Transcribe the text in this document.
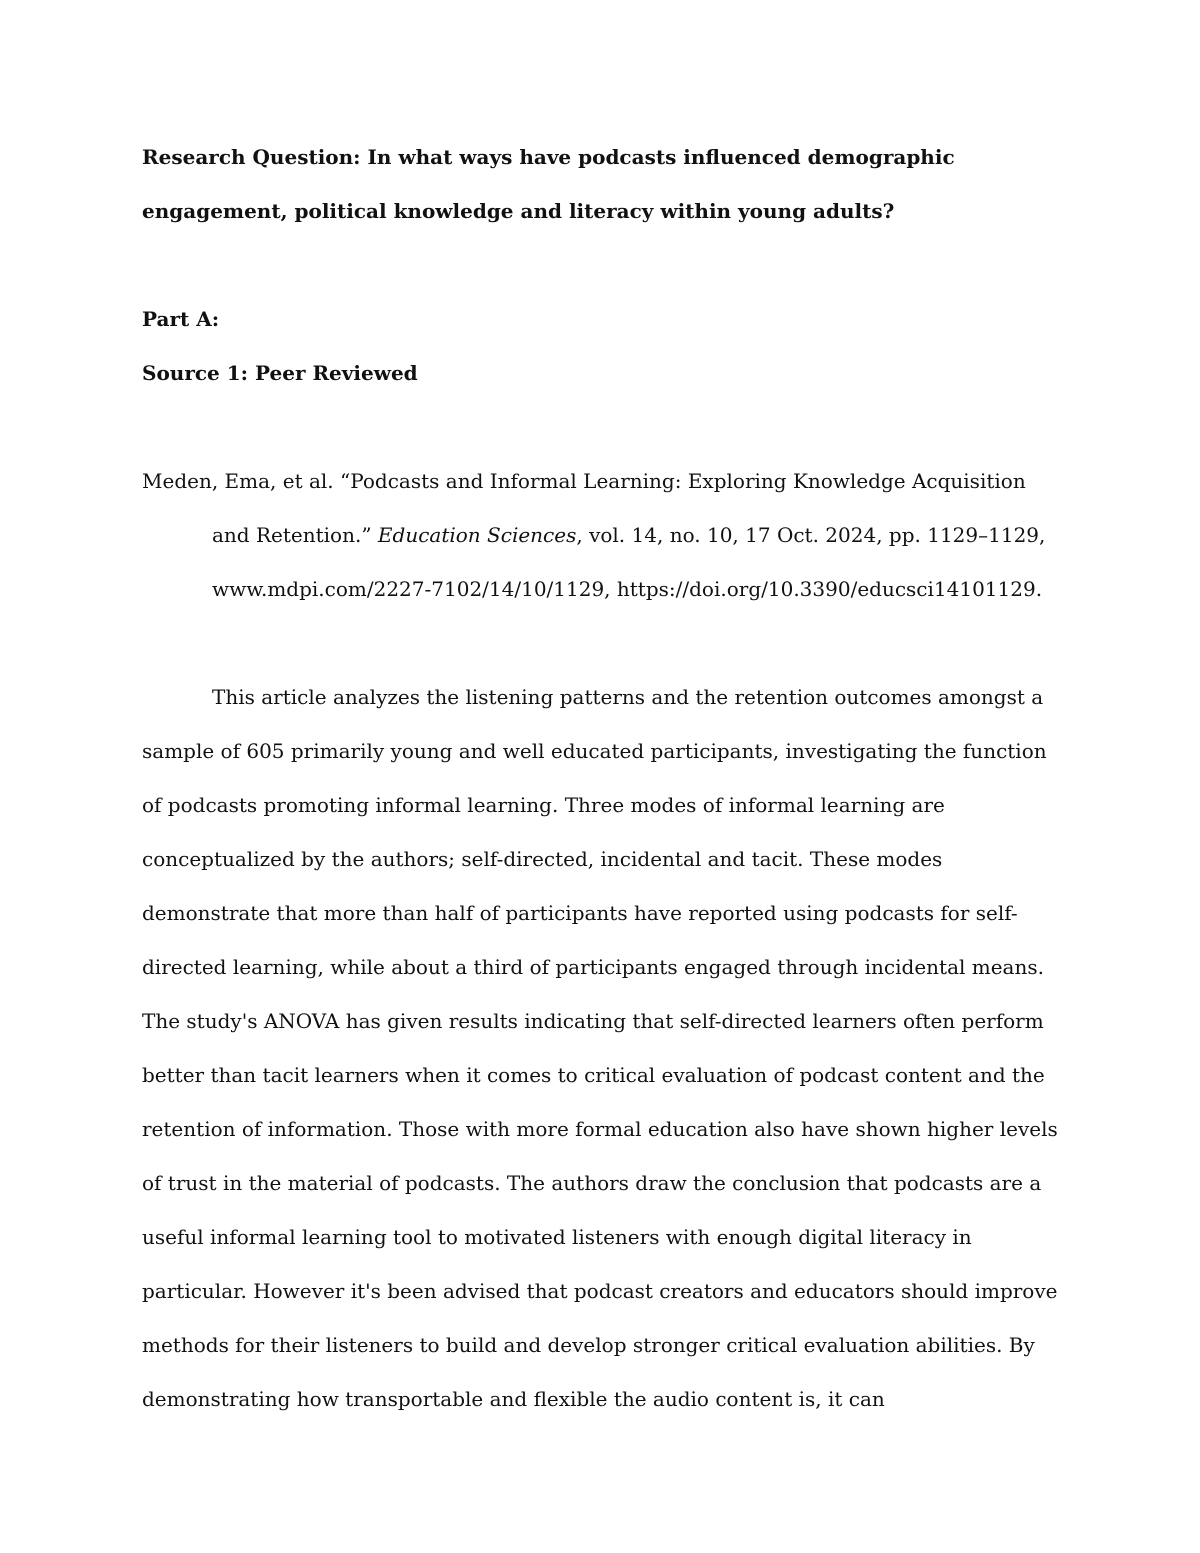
Research Question: In what ways have podcasts influenced demographic engagement, political knowledge and literacy within young adults?

Part A:

Source 1: Peer Reviewed

Meden, Ema, et al. “Podcasts and Informal Learning: Exploring Knowledge Acquisition and Retention.” Education Sciences, vol. 14, no. 10, 17 Oct. 2024, pp. 1129–1129, www.mdpi.com/2227-7102/14/10/1129, https://doi.org/10.3390/educsci14101129.

This article analyzes the listening patterns and the retention outcomes amongst a sample of 605 primarily young and well educated participants, investigating the function of podcasts promoting informal learning. Three modes of informal learning are conceptualized by the authors; self-directed, incidental and tacit. These modes demonstrate that more than half of participants have reported using podcasts for self-directed learning, while about a third of participants engaged through incidental means. The study's ANOVA has given results indicating that self-directed learners often perform better than tacit learners when it comes to critical evaluation of podcast content and the retention of information. Those with more formal education also have shown higher levels of trust in the material of podcasts. The authors draw the conclusion that podcasts are a useful informal learning tool to motivated listeners with enough digital literacy in particular. However it's been advised that podcast creators and educators should improve methods for their listeners to build and develop stronger critical evaluation abilities. By demonstrating how transportable and flexible the audio content is, it can
